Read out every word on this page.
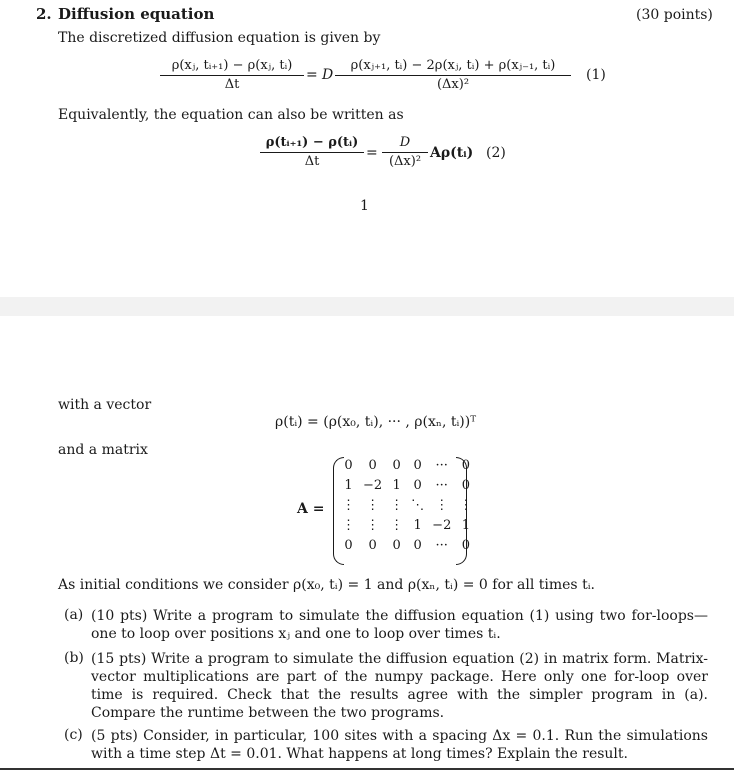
2. Diffusion equation	(30 points)
The discretized diffusion equation is given by
ρ(xⱼ, tᵢ₊₁) − ρ(xⱼ, tᵢ)
Δt
= D
ρ(xⱼ₊₁, tᵢ) − 2ρ(xⱼ, tᵢ) + ρ(xⱼ₋₁, tᵢ)
(Δx)²
(1)
Equivalently, the equation can also be written as
ρ(tᵢ₊₁) − ρ(tᵢ)
Δt
=
D
(Δx)²
Aρ(tᵢ) (2)
1
with a vector
ρ(tᵢ) = (ρ(x₀, tᵢ), ··· , ρ(xₙ, tᵢ))ᵀ
and a matrix
A =
0	0	0	0	···	0
1	−2	1	0	···	0
⋮	⋮	⋮	⋱	⋮	⋮
⋮	⋮	⋮	1	−2	1
0	0	0	0	···	0
As initial conditions we consider ρ(x₀, tᵢ) = 1 and ρ(xₙ, tᵢ) = 0 for all times tᵢ.
(a) (10 pts) Write a program to simulate the diffusion equation (1) using two for-loops—one to loop over positions xⱼ and one to loop over times tᵢ.
(b) (15 pts) Write a program to simulate the diffusion equation (2) in matrix form. Matrix-vector multiplications are part of the numpy package. Here only one for-loop over time is required. Check that the results agree with the simpler program in (a). Compare the runtime between the two programs.
(c) (5 pts) Consider, in particular, 100 sites with a spacing Δx = 0.1. Run the simulations with a time step Δt = 0.01. What happens at long times? Explain the result.
